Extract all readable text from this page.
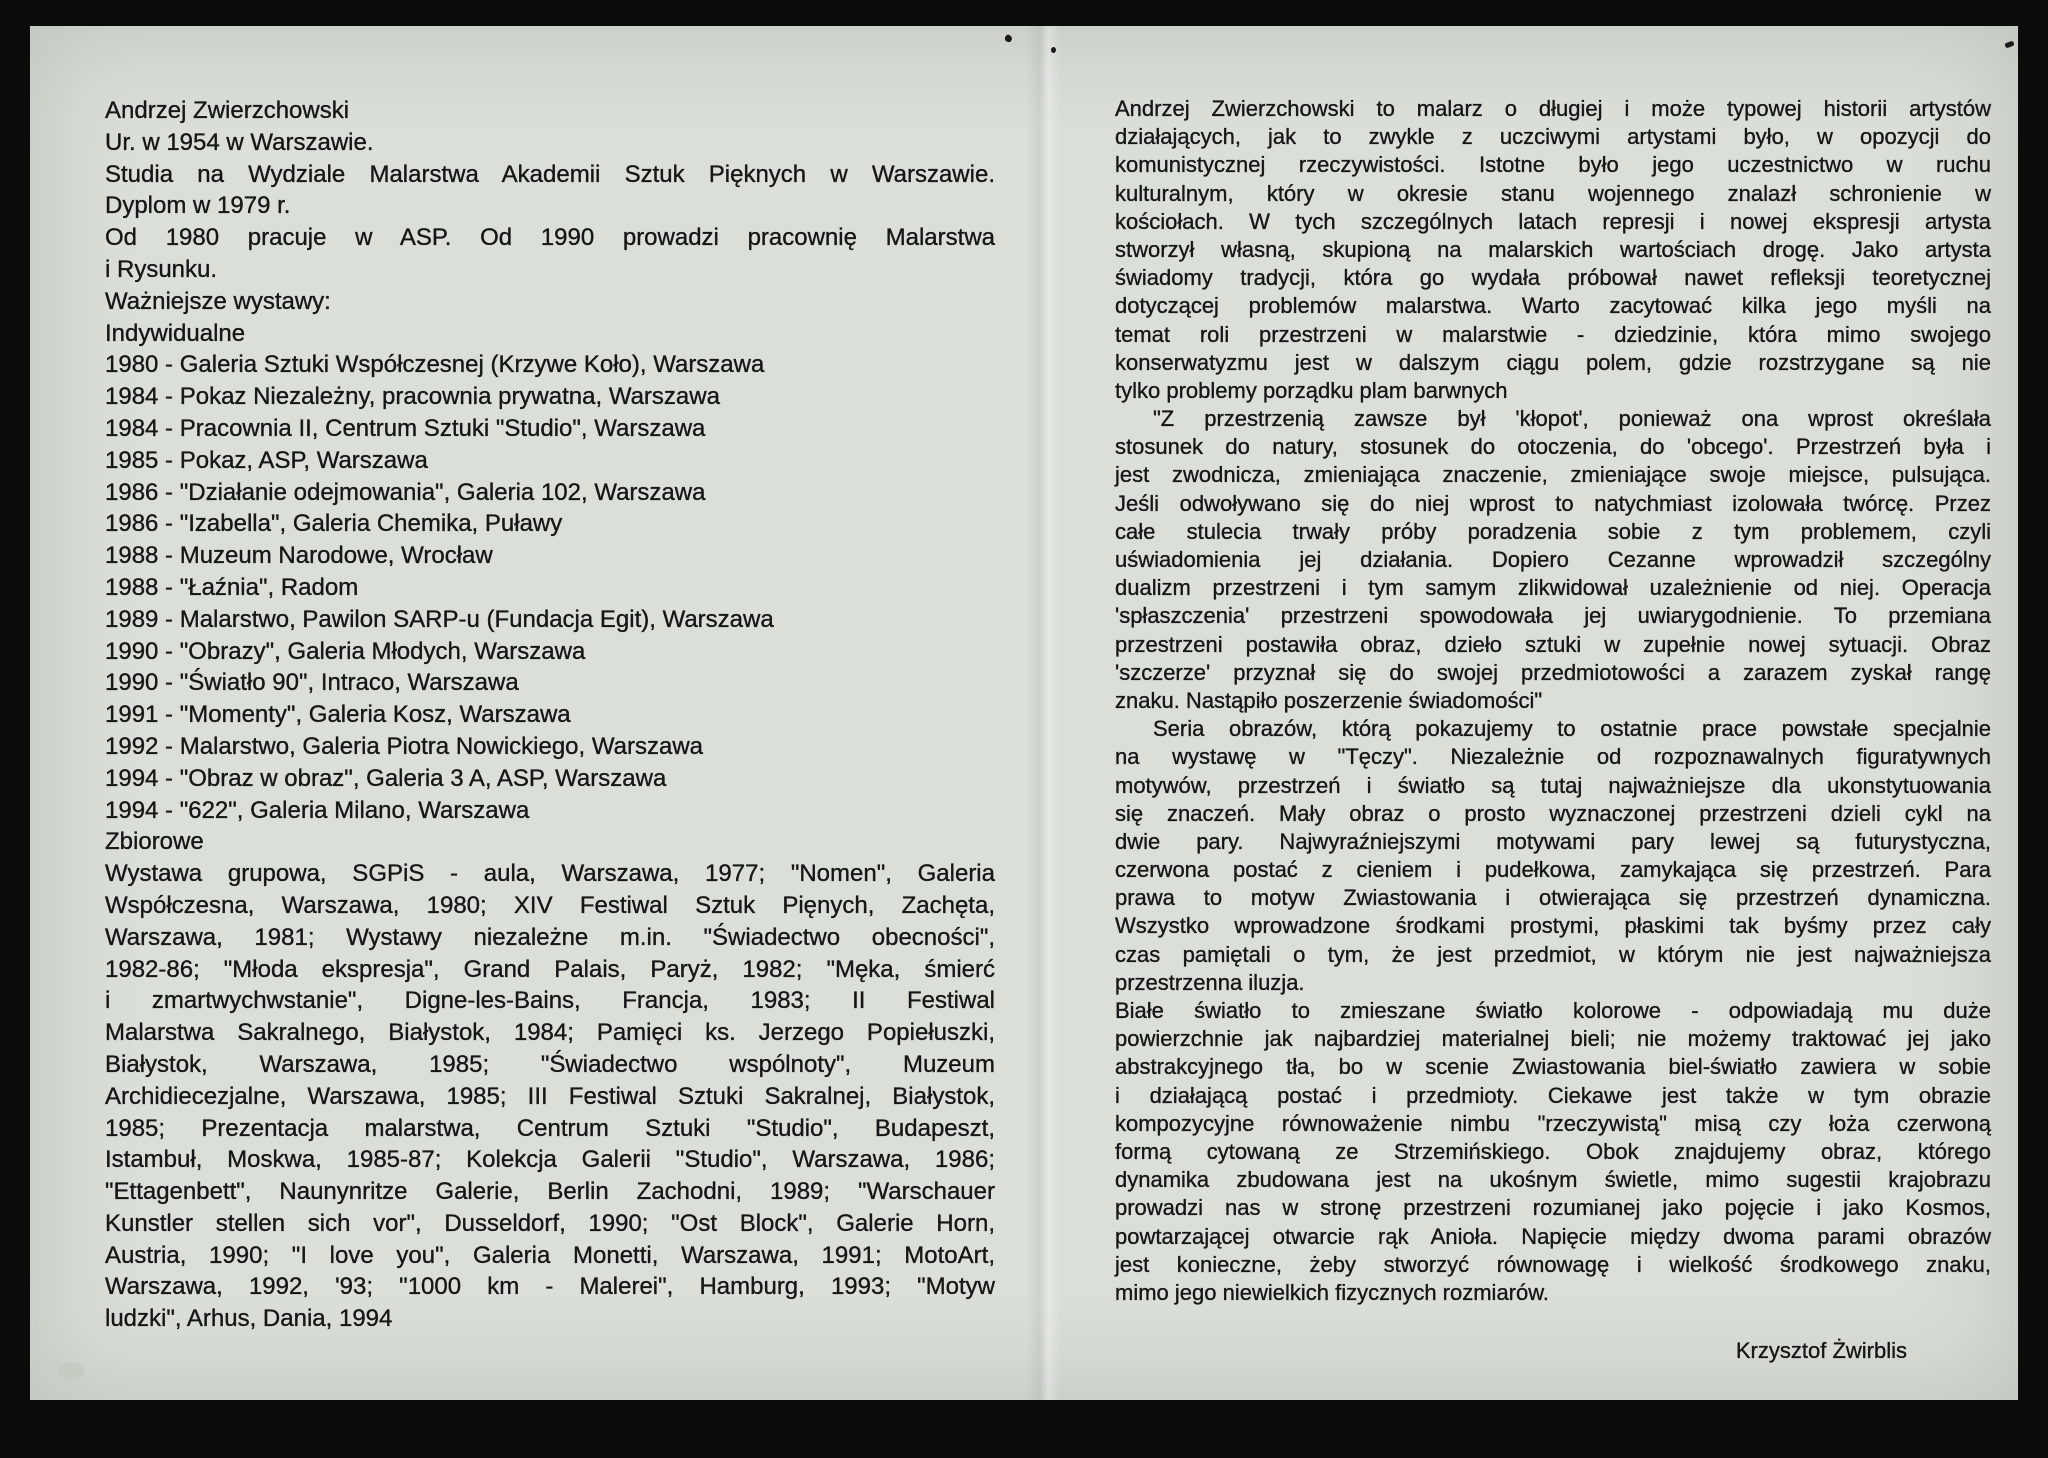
Andrzej Zwierzchowski
Ur. w 1954 w Warszawie.
Studia na Wydziale Malarstwa Akademii Sztuk Pięknych w Warszawie.
Dyplom w 1979 r.
Od 1980 pracuje w ASP. Od 1990 prowadzi pracownię Malarstwa
i Rysunku.
Ważniejsze wystawy:
Indywidualne
1980 - Galeria Sztuki Współczesnej (Krzywe Koło), Warszawa
1984 - Pokaz Niezależny, pracownia prywatna, Warszawa
1984 - Pracownia II, Centrum Sztuki "Studio", Warszawa
1985 - Pokaz, ASP, Warszawa
1986 - "Działanie odejmowania", Galeria 102, Warszawa
1986 - "Izabella", Galeria Chemika, Puławy
1988 - Muzeum Narodowe, Wrocław
1988 - "Łaźnia", Radom
1989 - Malarstwo, Pawilon SARP-u (Fundacja Egit), Warszawa
1990 - "Obrazy", Galeria Młodych, Warszawa
1990 - "Światło 90", Intraco, Warszawa
1991 - "Momenty", Galeria Kosz, Warszawa
1992 - Malarstwo, Galeria Piotra Nowickiego, Warszawa
1994 - "Obraz w obraz", Galeria 3 A, ASP, Warszawa
1994 - "622", Galeria Milano, Warszawa
Zbiorowe
Wystawa grupowa, SGPiS - aula, Warszawa, 1977; "Nomen", Galeria
Współczesna, Warszawa, 1980; XIV Festiwal Sztuk Pięnych, Zachęta,
Warszawa, 1981; Wystawy niezależne m.in. "Świadectwo obecności",
1982-86; "Młoda ekspresja", Grand Palais, Paryż, 1982; "Męka, śmierć
i zmartwychwstanie", Digne-les-Bains, Francja, 1983; II Festiwal
Malarstwa Sakralnego, Białystok, 1984; Pamięci ks. Jerzego Popiełuszki,
Białystok, Warszawa, 1985; "Świadectwo wspólnoty", Muzeum
Archidiecezjalne, Warszawa, 1985; III Festiwal Sztuki Sakralnej, Białystok,
1985; Prezentacja malarstwa, Centrum Sztuki "Studio", Budapeszt,
Istambuł, Moskwa, 1985-87; Kolekcja Galerii "Studio", Warszawa, 1986;
"Ettagenbett", Naunynritze Galerie, Berlin Zachodni, 1989; "Warschauer
Kunstler stellen sich vor", Dusseldorf, 1990; "Ost Block", Galerie Horn,
Austria, 1990; "I love you", Galeria Monetti, Warszawa, 1991; MotoArt,
Warszawa, 1992, '93; "1000 km - Malerei", Hamburg, 1993; "Motyw
ludzki", Arhus, Dania, 1994
Andrzej Zwierzchowski to malarz o długiej i może typowej historii artystów
działających, jak to zwykle z uczciwymi artystami było, w opozycji do
komunistycznej rzeczywistości. Istotne było jego uczestnictwo w ruchu
kulturalnym, który w okresie stanu wojennego znalazł schronienie w
kościołach. W tych szczególnych latach represji i nowej ekspresji artysta
stworzył własną, skupioną na malarskich wartościach drogę. Jako artysta
świadomy tradycji, która go wydała próbował nawet refleksji teoretycznej
dotyczącej problemów malarstwa. Warto zacytować kilka jego myśli na
temat roli przestrzeni w malarstwie - dziedzinie, która mimo swojego
konserwatyzmu jest w dalszym ciągu polem, gdzie rozstrzygane są nie
tylko problemy porządku plam barwnych
"Z przestrzenią zawsze był 'kłopot', ponieważ ona wprost określała
stosunek do natury, stosunek do otoczenia, do 'obcego'. Przestrzeń była i
jest zwodnicza, zmieniająca znaczenie, zmieniające swoje miejsce, pulsująca.
Jeśli odwoływano się do niej wprost to natychmiast izolowała twórcę. Przez
całe stulecia trwały próby poradzenia sobie z tym problemem, czyli
uświadomienia jej działania. Dopiero Cezanne wprowadził szczególny
dualizm przestrzeni i tym samym zlikwidował uzależnienie od niej. Operacja
'spłaszczenia' przestrzeni spowodowała jej uwiarygodnienie. To przemiana
przestrzeni postawiła obraz, dzieło sztuki w zupełnie nowej sytuacji. Obraz
'szczerze' przyznał się do swojej przedmiotowości a zarazem zyskał rangę
znaku. Nastąpiło poszerzenie świadomości"
Seria obrazów, którą pokazujemy to ostatnie prace powstałe specjalnie
na wystawę w "Tęczy". Niezależnie od rozpoznawalnych figuratywnych
motywów, przestrzeń i światło są tutaj najważniejsze dla ukonstytuowania
się znaczeń. Mały obraz o prosto wyznaczonej przestrzeni dzieli cykl na
dwie pary. Najwyraźniejszymi motywami pary lewej są futurystyczna,
czerwona postać z cieniem i pudełkowa, zamykająca się przestrzeń. Para
prawa to motyw Zwiastowania i otwierająca się przestrzeń dynamiczna.
Wszystko wprowadzone środkami prostymi, płaskimi tak byśmy przez cały
czas pamiętali o tym, że jest przedmiot, w którym nie jest najważniejsza
przestrzenna iluzja.
Białe światło to zmieszane światło kolorowe - odpowiadają mu duże
powierzchnie jak najbardziej materialnej bieli; nie możemy traktować jej jako
abstrakcyjnego tła, bo w scenie Zwiastowania biel-światło zawiera w sobie
i działającą postać i przedmioty. Ciekawe jest także w tym obrazie
kompozycyjne równoważenie nimbu "rzeczywistą" misą czy łoża czerwoną
formą cytowaną ze Strzemińskiego. Obok znajdujemy obraz, którego
dynamika zbudowana jest na ukośnym świetle, mimo sugestii krajobrazu
prowadzi nas w stronę przestrzeni rozumianej jako pojęcie i jako Kosmos,
powtarzającej otwarcie rąk Anioła. Napięcie między dwoma parami obrazów
jest konieczne, żeby stworzyć równowagę i wielkość środkowego znaku,
mimo jego niewielkich fizycznych rozmiarów.
Krzysztof Żwirblis
